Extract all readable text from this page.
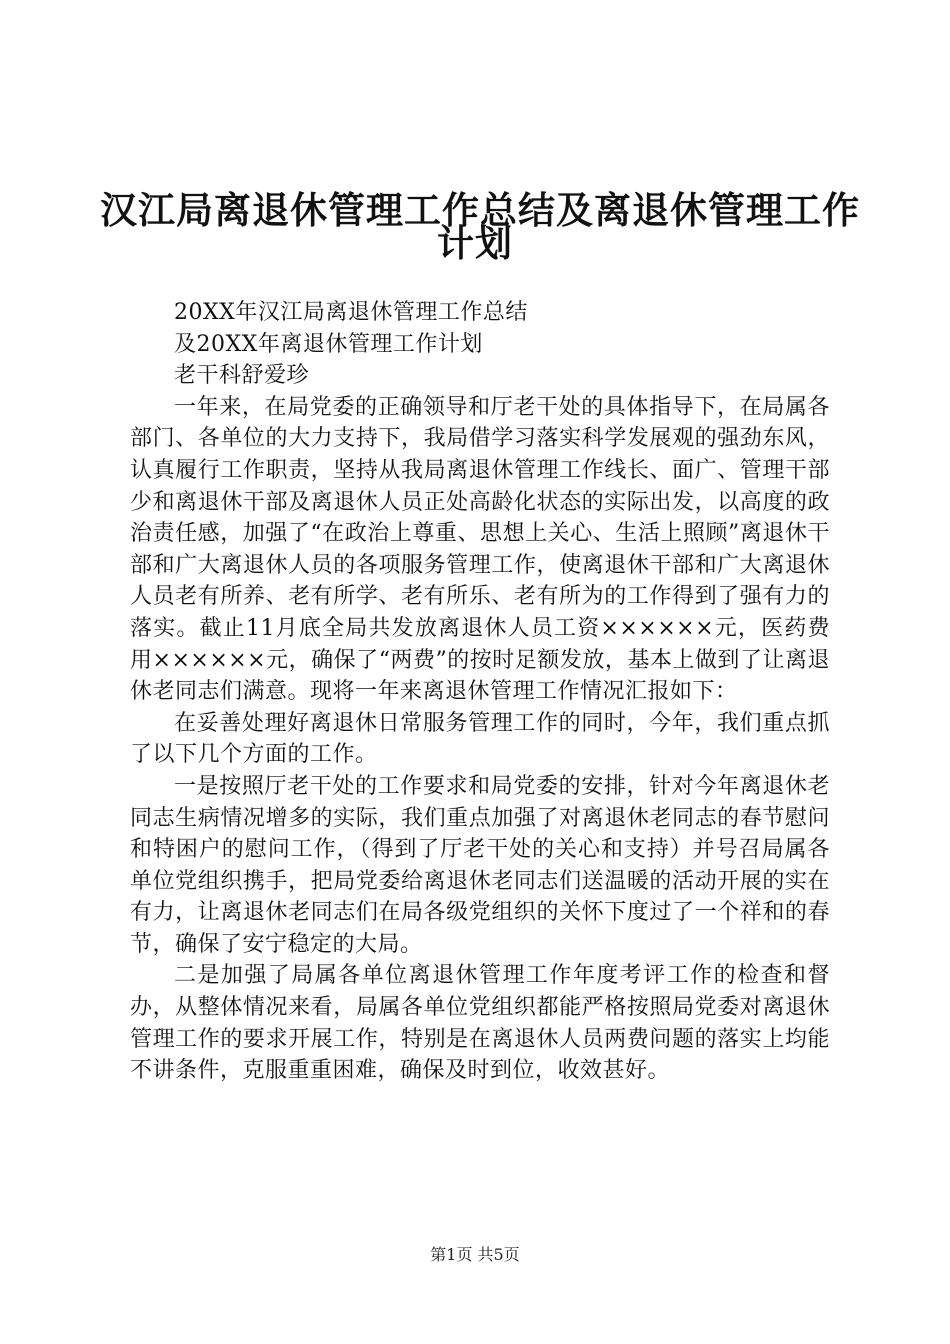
汉江局离退休管理工作总结及离退休管理工作
计划

20XX年汉江局离退休管理工作总结

及20XX年离退休管理工作计划

老干科舒爱珍

一年来，在局党委的正确领导和厅老干处的具体指导下，在局属各部门、各单位的大力支持下，我局借学习落实科学发展观的强劲东风，认真履行工作职责，坚持从我局离退休管理工作线长、面广、管理干部少和离退休干部及离退休人员正处高龄化状态的实际出发，以高度的政治责任感，加强了“在政治上尊重、思想上关心、生活上照顾”离退休干部和广大离退休人员的各项服务管理工作，使离退休干部和广大离退休人员老有所养、老有所学、老有所乐、老有所为的工作得到了强有力的落实。截止11月底全局共发放离退休人员工资××××××元，医药费用××××××元，确保了“两费”的按时足额发放，基本上做到了让离退休老同志们满意。现将一年来离退休管理工作情况汇报如下：

在妥善处理好离退休日常服务管理工作的同时，今年，我们重点抓了以下几个方面的工作。

一是按照厅老干处的工作要求和局党委的安排，针对今年离退休老同志生病情况增多的实际，我们重点加强了对离退休老同志的春节慰问和特困户的慰问工作，（得到了厅老干处的关心和支持）并号召局属各单位党组织携手，把局党委给离退休老同志们送温暖的活动开展的实在有力，让离退休老同志们在局各级党组织的关怀下度过了一个祥和的春节，确保了安宁稳定的大局。

二是加强了局属各单位离退休管理工作年度考评工作的检查和督办，从整体情况来看，局属各单位党组织都能严格按照局党委对离退休管理工作的要求开展工作，特别是在离退休人员两费问题的落实上均能不讲条件，克服重重困难，确保及时到位，收效甚好。

第1页 共5页
